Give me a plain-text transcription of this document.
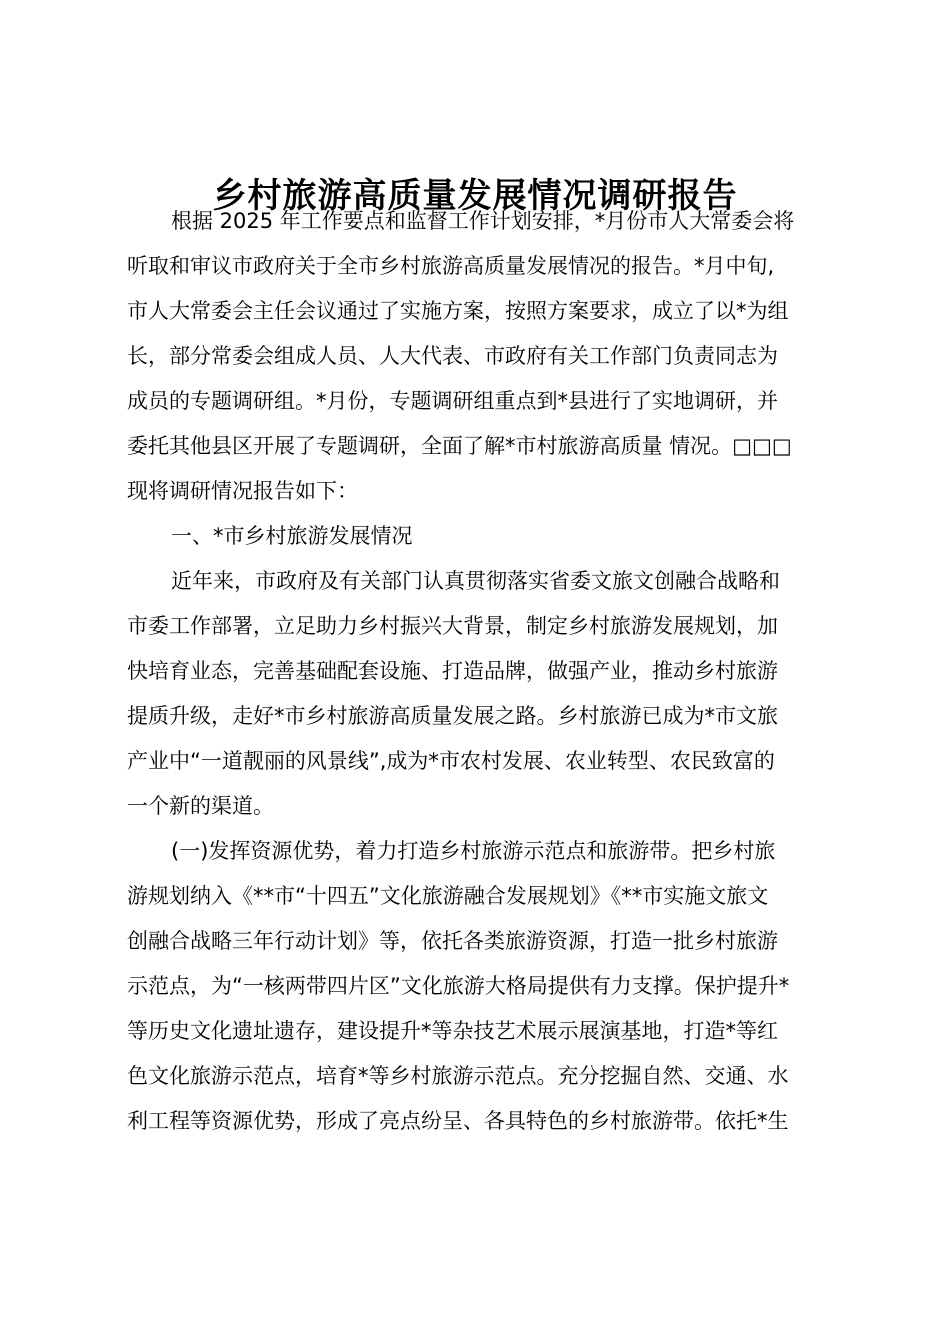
乡村旅游高质量发展情况调研报告
根据 2025 年工作要点和监督工作计划安排，*月份市人大常委会将
听取和审议市政府关于全市乡村旅游高质量发展情况的报告。*月中旬,
市人大常委会主任会议通过了实施方案，按照方案要求，成立了以*为组
长，部分常委会组成人员、人大代表、市政府有关工作部门负责同志为
成员的专题调研组。*月份，专题调研组重点到*县进行了实地调研，并
委托其他县区开展了专题调研，全面了解*市村旅游高质量 情况。□□□
现将调研情况报告如下：
一、*市乡村旅游发展情况
近年来，市政府及有关部门认真贯彻落实省委文旅文创融合战略和
市委工作部署，立足助力乡村振兴大背景，制定乡村旅游发展规划，加
快培育业态，完善基础配套设施、打造品牌，做强产业，推动乡村旅游
提质升级，走好*市乡村旅游高质量发展之路。乡村旅游已成为*市文旅
产业中“一道靓丽的风景线”,成为*市农村发展、农业转型、农民致富的
一个新的渠道。
(一)发挥资源优势，着力打造乡村旅游示范点和旅游带。把乡村旅
游规划纳入《**市“十四五”文化旅游融合发展规划》《**市实施文旅文
创融合战略三年行动计划》等，依托各类旅游资源，打造一批乡村旅游
示范点，为“一核两带四片区”文化旅游大格局提供有力支撑。保护提升*
等历史文化遗址遗存，建设提升*等杂技艺术展示展演基地，打造*等红
色文化旅游示范点，培育*等乡村旅游示范点。充分挖掘自然、交通、水
利工程等资源优势，形成了亮点纷呈、各具特色的乡村旅游带。依托*生
